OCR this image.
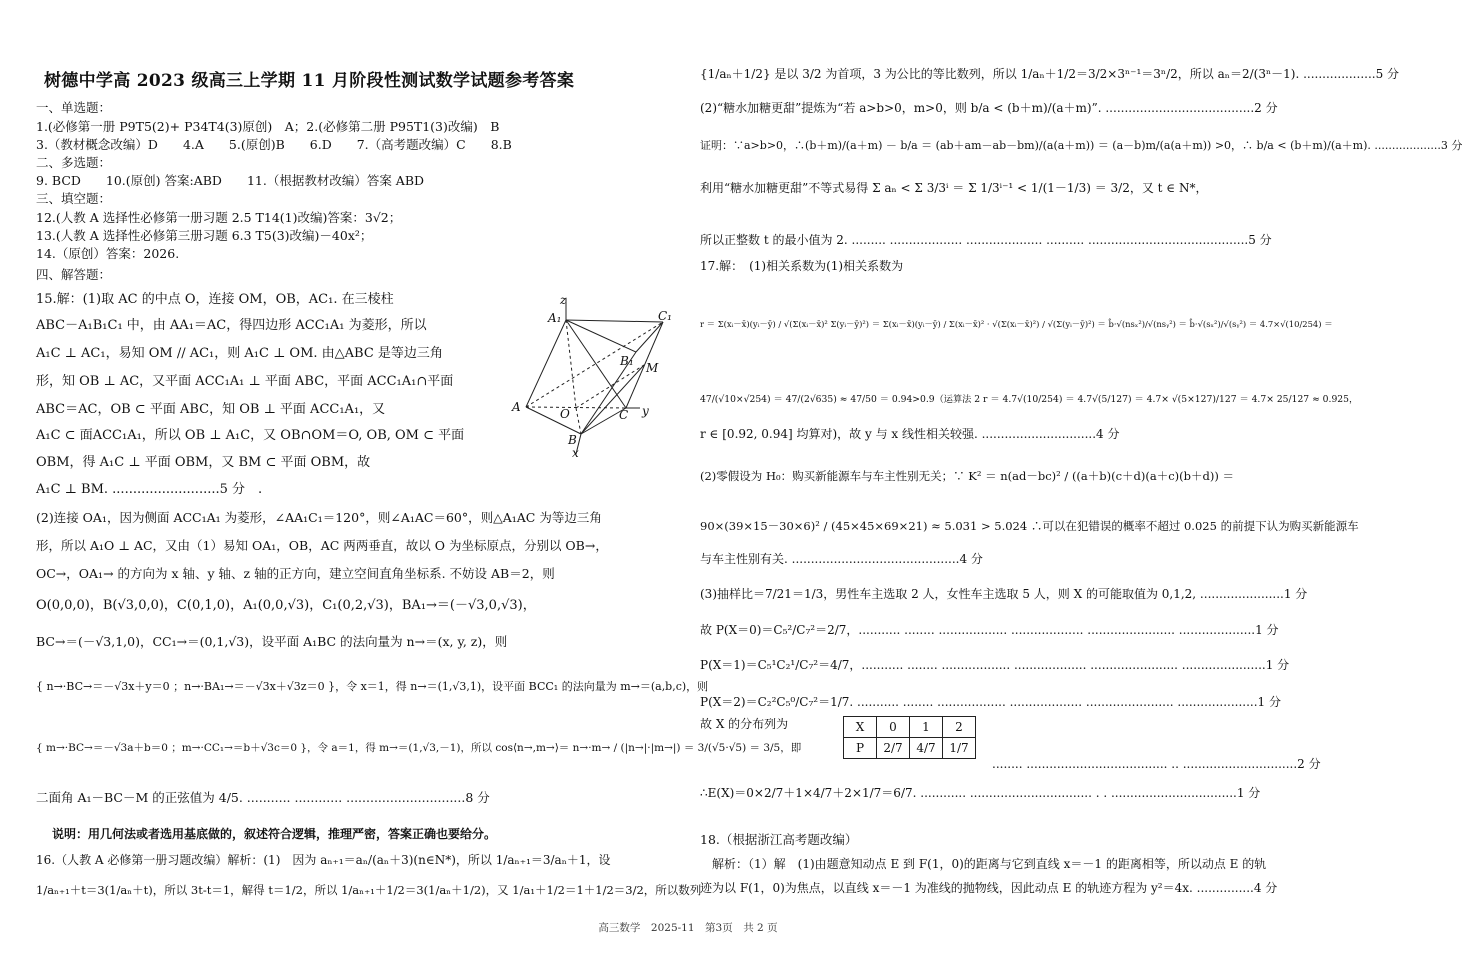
树德中学高 2023 级高三上学期 11 月阶段性测试数学试题参考答案
一、单选题：
1.(必修第一册 P9T5(2)+ P34T4(3)原创)　A；2.(必修第二册 P95T1(3)改编)　B
3.（教材概念改编）D　　4.A　　5.(原创)B　　6.D　　7.（高考题改编）C　　8.B
二、多选题：
9. BCD　　10.(原创) 答案:ABD　　11.（根据教材改编）答案 ABD
三、填空题：
12.(人教 A 选择性必修第一册习题 2.5 T14(1)改编)答案：3√2；
13.(人教 A 选择性必修第三册习题 6.3 T5(3)改编)－40x²；
14.（原创）答案：2026.
四、解答题：
15.解：(1)取 AC 的中点 O，连接 OM，OB，AC₁. 在三棱柱
ABC－A₁B₁C₁ 中，由 AA₁＝AC，得四边形 ACC₁A₁ 为菱形，所以
A₁C ⊥ AC₁，易知 OM // AC₁，则 A₁C ⊥ OM. 由△ABC 是等边三角
形，知 OB ⊥ AC，又平面 ACC₁A₁ ⊥ 平面 ABC，平面 ACC₁A₁∩平面
ABC＝AC，OB ⊂ 平面 ABC，知 OB ⊥ 平面 ACC₁A₁，又
A₁C ⊂ 面ACC₁A₁，所以 OB ⊥ A₁C，又 OB∩OM＝O, OB, OM ⊂ 平面
OBM，得 A₁C ⊥ 平面 OBM，又 BM ⊂ 平面 OBM，故
A₁C ⊥ BM. ..........................5 分　.
(2)连接 OA₁，因为侧面 ACC₁A₁ 为菱形，∠AA₁C₁＝120°，则∠A₁AC＝60°，则△A₁AC 为等边三角
形，所以 A₁O ⊥ AC，又由（1）易知 OA₁，OB，AC 两两垂直，故以 O 为坐标原点，分别以 OB→，
OC→，OA₁→ 的方向为 x 轴、y 轴、z 轴的正方向，建立空间直角坐标系. 不妨设 AB＝2，则
O(0,0,0)，B(√3,0,0)，C(0,1,0)，A₁(0,0,√3)，C₁(0,2,√3)，BA₁→＝(－√3,0,√3)，
BC→＝(－√3,1,0)，CC₁→＝(0,1,√3)，设平面 A₁BC 的法向量为 n→＝(x, y, z)，则
{ n→·BC→＝－√3x＋y＝0 ；n→·BA₁→＝－√3x＋√3z＝0 }，令 x＝1，得 n→＝(1,√3,1)，设平面 BCC₁ 的法向量为 m→＝(a,b,c)，则
{ m→·BC→＝－√3a＋b＝0 ；m→·CC₁→＝b＋√3c＝0 }，令 a＝1，得 m→＝(1,√3,－1)，所以 cos⟨n→,m→⟩＝ n→·m→ / (|n→|·|m→|) ＝ 3/(√5·√5) ＝ 3/5，即
二面角 A₁－BC－M 的正弦值为 4/5. ........... ............ ..............................8 分
说明：用几何法或者选用基底做的，叙述符合逻辑，推理严密，答案正确也要给分。
16.（人教 A 必修第一册习题改编）解析：(1)　因为 aₙ₊₁＝aₙ/(aₙ＋3)(n∈N*)，所以 1/aₙ₊₁＝3/aₙ＋1，设
1/aₙ₊₁＋t＝3(1/aₙ＋t)，所以 3t-t＝1，解得 t＝1/2，所以 1/aₙ₊₁＋1/2＝3(1/aₙ＋1/2)，又 1/a₁＋1/2＝1＋1/2＝3/2，所以数列
z
A₁	C₁
B₁ M
A	O	C y
B
x
{1/aₙ＋1/2} 是以 3/2 为首项，3 为公比的等比数列，所以 1/aₙ＋1/2＝3/2×3ⁿ⁻¹＝3ⁿ/2，所以 aₙ＝2/(3ⁿ－1). ...................5 分
(2)“糖水加糖更甜”提炼为“若 a>b>0，m>0，则 b/a < (b＋m)/(a＋m)”. .......................................2 分
证明：∵a>b>0，∴(b＋m)/(a＋m) － b/a ＝ (ab＋am－ab－bm)/(a(a＋m)) ＝ (a－b)m/(a(a＋m)) >0，∴ b/a < (b＋m)/(a＋m). ...................3 分
利用“糖水加糖更甜”不等式易得 Σ aₙ < Σ 3/3ⁱ ＝ Σ 1/3ⁱ⁻¹ < 1/(1－1/3) ＝ 3/2，又 t ∈ N*，
所以正整数 t 的最小值为 2. ......... ................... .................... .......... ..........................................5 分
17.解：　(1)相关系数为(1)相关系数为
r ＝ Σ(xᵢ－x̄)(yᵢ－ȳ) / √(Σ(xᵢ－x̄)² Σ(yᵢ－ȳ)²) ＝ Σ(xᵢ－x̄)(yᵢ－ȳ) / Σ(xᵢ－x̄)² · √(Σ(xᵢ－x̄)²) / √(Σ(yᵢ－ȳ)²) ＝ b̂·√(nsₓ²)/√(nsᵧ²) ＝ b̂·√(sₓ²)/√(sᵧ²) ＝ 4.7×√(10/254) ＝
47/(√10×√254) ＝ 47/(2√635) ≈ 47/50 ＝ 0.94>0.9（运算法 2 r ＝ 4.7√(10/254) ＝ 4.7√(5/127) ＝ 4.7× √(5×127)/127 ＝ 4.7× 25/127 ≈ 0.925，
r ∈ [0.92, 0.94] 均算对)，故 y 与 x 线性相关较强. ..............................4 分
(2)零假设为 H₀：购买新能源车与车主性别无关；∵ K² ＝ n(ad－bc)² / ((a＋b)(c＋d)(a＋c)(b＋d)) ＝
90×(39×15－30×6)² / (45×45×69×21) ≈ 5.031 > 5.024 ∴可以在犯错误的概率不超过 0.025 的前提下认为购买新能源车
与车主性别有关. ............................................4 分
(3)抽样比＝7/21＝1/3，男性车主选取 2 人，女性车主选取 5 人，则 X 的可能取值为 0,1,2, ......................1 分
故 P(X＝0)＝C₅²/C₇²＝2/7，........... ........ .................. ................... ....................... ....................1 分
P(X＝1)＝C₅¹C₂¹/C₇²＝4/7，........... ........ .................. ................... ....................... ......................1 分
P(X＝2)＝C₂²C₅⁰/C₇²＝1/7. ........... ........ .................. ................... ....................... .....................1 分
故 X 的分布列为	X	0	1	2
P	2/7	4/7	1/7
........ ..................................... .. ..............................2 分
∴E(X)＝0×2/7＋1×4/7＋2×1/7＝6/7. ............ ................................ . . .................................1 分
18.（根据浙江高考题改编）
　解析：（1）解　(1)由题意知动点 E 到 F(1，0)的距离与它到直线 x＝－1 的距离相等，所以动点 E 的轨
迹为以 F(1，0)为焦点，以直线 x＝－1 为准线的抛物线，因此动点 E 的轨迹方程为 y²＝4x. ...............4 分
高三数学　2025-11　第3页　共 2 页
